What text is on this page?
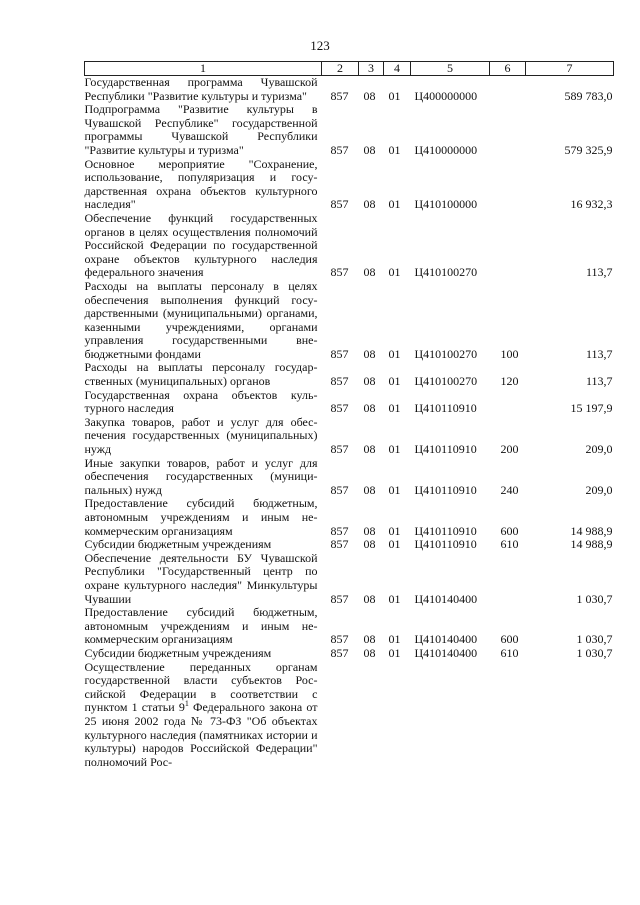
123
1	2	3	4	5	6	7
Государственная программа Чувашской Республики "Развитие культуры и туризма"	857	08	01	Ц400000000		589 783,0
Подпрограмма "Развитие культуры в Чувашской Республике" государственной программы Чувашской Республики "Развитие культуры и туризма"	857	08	01	Ц410000000		579 325,9
Основное мероприятие "Сохранение, использование, популяризация и государственная охрана объектов культурного наследия"	857	08	01	Ц410100000		16 932,3
Обеспечение функций государственных органов в целях осуществления полномочий Российской Федерации по государственной охране объектов культурного наследия федерального значения	857	08	01	Ц410100270		113,7
Расходы на выплаты персоналу в целях обеспечения выполнения функций государственными (муниципальными) органами, казенными учреждениями, органами управления государственными внебюджетными фондами	857	08	01	Ц410100270	100	113,7
Расходы на выплаты персоналу государственных (муниципальных) органов	857	08	01	Ц410100270	120	113,7
Государственная охрана объектов культурного наследия	857	08	01	Ц410110910		15 197,9
Закупка товаров, работ и услуг для обеспечения государственных (муниципальных) нужд	857	08	01	Ц410110910	200	209,0
Иные закупки товаров, работ и услуг для обеспечения государственных (муниципальных) нужд	857	08	01	Ц410110910	240	209,0
Предоставление субсидий бюджетным, автономным учреждениям и иным некоммерческим организациям	857	08	01	Ц410110910	600	14 988,9
Субсидии бюджетным учреждениям	857	08	01	Ц410110910	610	14 988,9
Обеспечение деятельности БУ Чувашской Республики "Государственный центр по охране культурного наследия" Минкультуры Чувашии	857	08	01	Ц410140400		1 030,7
Предоставление субсидий бюджетным, автономным учреждениям и иным некоммерческим организациям	857	08	01	Ц410140400	600	1 030,7
Субсидии бюджетным учреждениям	857	08	01	Ц410140400	610	1 030,7
Осуществление переданных органам государственной власти субъектов Российской Федерации в соответствии с пунктом 1 статьи $9^1$ Федерального закона от 25 июня 2002 года № 73-ФЗ "Об объектах культурного наследия (памятниках истории и культуры) народов Российской Федерации" полномочий Рос-						
